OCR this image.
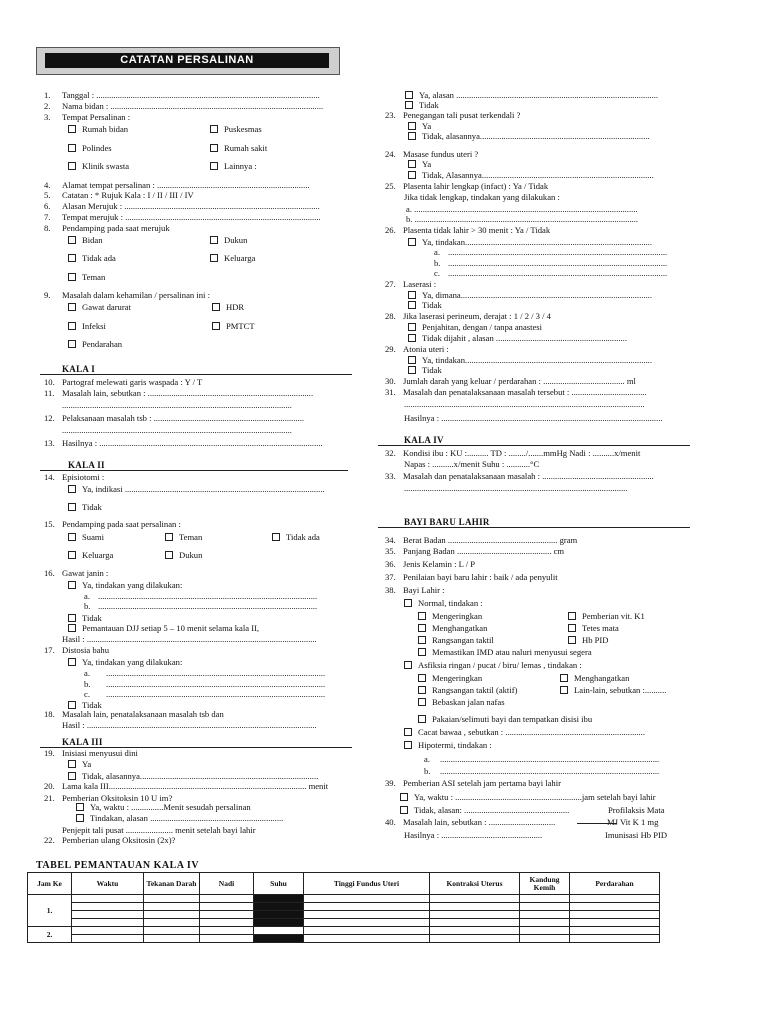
CATATAN PERSALINAN
1. Tanggal : ........................................................................................................
2. Nama bidan : ...................................................................................................
3. Tempat Persalinan :
4. Alamat tempat persalinan : .......................................................................
5. Catatan : * Rujuk Kala : I / II / III / IV
6. Alasan Merujuk : ...........................................................................................
7. Tempat merujuk : ...........................................................................................
8. Pendamping pada saat merujuk
9. Masalah dalam kehamilan / persalinan ini :
10. Partograf melewati garis waspada : Y / T
11. Masalah lain, sebutkan : .............................................................................
12. Pelaksanaan masalah tsb : ......................................................................
13. Hasilnya : ........................................................................................................
14. Episiotomi :
15. Pendamping pada saat persalinan :
16. Gawat janin :
17. Distosia bahu
18. Masalah lain, penatalaksanaan masalah tsb dan
19. Inisiasi menyusui dini
20. Lama kala III............................................................................................ menit
21. Pemberian Oksitoksin 10 U im?
22. Pemberian ulang Oksitosin (2x)?
Rumah bidan	Puskesmas
Polindes	Rumah sakit
Klinik swasta	Lainnya :
Bidan	Dukun
Tidak ada	Keluarga
Teman
Gawat darurat	HDR
Infeksi	PMTCT
Pendarahan
KALA I
...........................................................................................................
...........................................................................................................
KALA II
Ya, indikasi .............................................................................................
Tidak
Suami	Teman	Tidak ada
Keluarga	Dukun
Ya, tindakan yang dilakukan:
a. ......................................................................................................
b. ......................................................................................................
Tidak
Pemantauan DJJ setiap 5 – 10 menit selama kala II,
Hasil : ...........................................................................................................
Ya, tindakan yang dilakukan:
a. ......................................................................................................
b. ......................................................................................................
c. ......................................................................................................
Tidak
Hasil : ...........................................................................................................
KALA III
Ya
Tidak, alasannya...................................................................................
Ya, waktu : ...............Menit sesudah persalinan
Tindakan, alasan ..............................................................
Penjepit tali pusat ...................... menit setelah bayi lahir
Ya, alasan ..............................................................................................
Tidak
23. Penegangan tali pusat terkendali ?
24. Masase fundus uteri ?
25. Plasenta lahir lengkap (infact) : Ya / Tidak
26. Plasenta tidak lahir > 30 menit : Ya / Tidak
27. Laserasi :
28. Jika laserasi perineum, derajat : 1 / 2 / 3 / 4
29. Atonia uteri :
30. Jumlah darah yang keluar / perdarahan : ...................................... ml
31. Masalah dan penatalaksanaan masalah tersebut : ...................................
32. Kondisi ibu : KU :.......... TD : ......../.......mmHg Nadi : ..........x/menit
33. Masalah dan penatalaksanaan masalah : ....................................................
34. Berat Badan ................................................... gram
35. Panjang Badan ............................................ cm
36. Jenis Kelamin : L / P
37. Penilaian bayi baru lahir : baik / ada penyulit
38. Bayi Lahir :
39. Pemberian ASI setelah jam pertama bayi lahir
40. Masalah lain, sebutkan : ...............................
Ya
Tidak, alasannya...............................................................................
Ya
Tidak, Alasannya................................................................................
Jika tidak lengkap, tindakan yang dilakukan :
a. ........................................................................................................
b. ........................................................................................................
Ya, tindakan.......................................................................................
a. ......................................................................................................
b. ......................................................................................................
c. ......................................................................................................
Ya, dimana.........................................................................................
Tidak
Penjahitan, dengan / tanpa anastesi
Tidak dijahit , alasan .............................................................
Ya, tindakan.......................................................................................
Tidak
................................................................................................................
Hasilnya : .......................................................................................................
KALA IV
Napas : ..........x/menit Suhu : ...........°C
........................................................................................................
BAYI BARU LAHIR
Normal, tindakan :
Mengeringkan	Pemberian vit. K1
Menghangatkan	Tetes mata
Rangsangan taktil	Hb PID
Memastikan IMD atau naluri menyusui segera
Asfiksia ringan / pucat / biru/ lemas , tindakan :
Mengeringkan	Menghangatkan
Rangsangan taktil (aktif)	Lain-lain, sebutkan :..........
Bebaskan jalan nafas
Pakaian/selimuti bayi dan tempatkan disisi ibu
Cacat bawaa , sebutkan : .................................................................
Hipotermi, tindakan :
a. ......................................................................................................
b. ......................................................................................................
Ya, waktu : ...........................................................jam setelah bayi lahir
Tidak, alasan: .................................................	Profilaksis Mata
MJ Vit K 1 mg
Hasilnya : ...............................................	Imunisasi Hb PID
TABEL PEMANTAUAN KALA IV
Jam Ke	Waktu	Tekanan Darah	Nadi	Suhu	Tinggi Fundus Uteri	Kontraksi Uterus	Kandung Kemih	Perdarahan
1.								

2.								
